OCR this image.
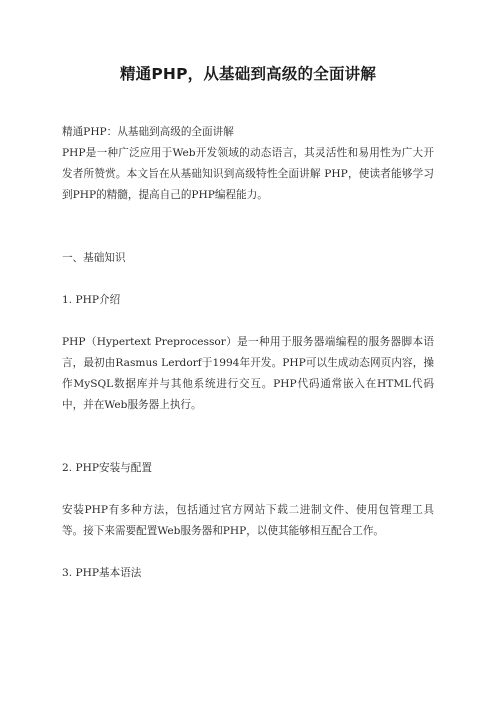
精通PHP，从基础到高级的全面讲解

精通PHP：从基础到高级的全面讲解

PHP是一种广泛应用于Web开发领域的动态语言，其灵活性和易用性为广大开发者所赞赏。本文旨在从基础知识到高级特性全面讲解 PHP，使读者能够学习到PHP的精髓，提高自己的PHP编程能力。

一、基础知识

1. PHP介绍

PHP（Hypertext Preprocessor）是一种用于服务器端编程的服务器脚本语言，最初由Rasmus Lerdorf于1994年开发。PHP可以生成动态网页内容，操作MySQL数据库并与其他系统进行交互。PHP代码通常嵌入在HTML代码中，并在Web服务器上执行。

2. PHP安装与配置

安装PHP有多种方法，包括通过官方网站下载二进制文件、使用包管理工具等。接下来需要配置Web服务器和PHP，以使其能够相互配合工作。

3. PHP基本语法
